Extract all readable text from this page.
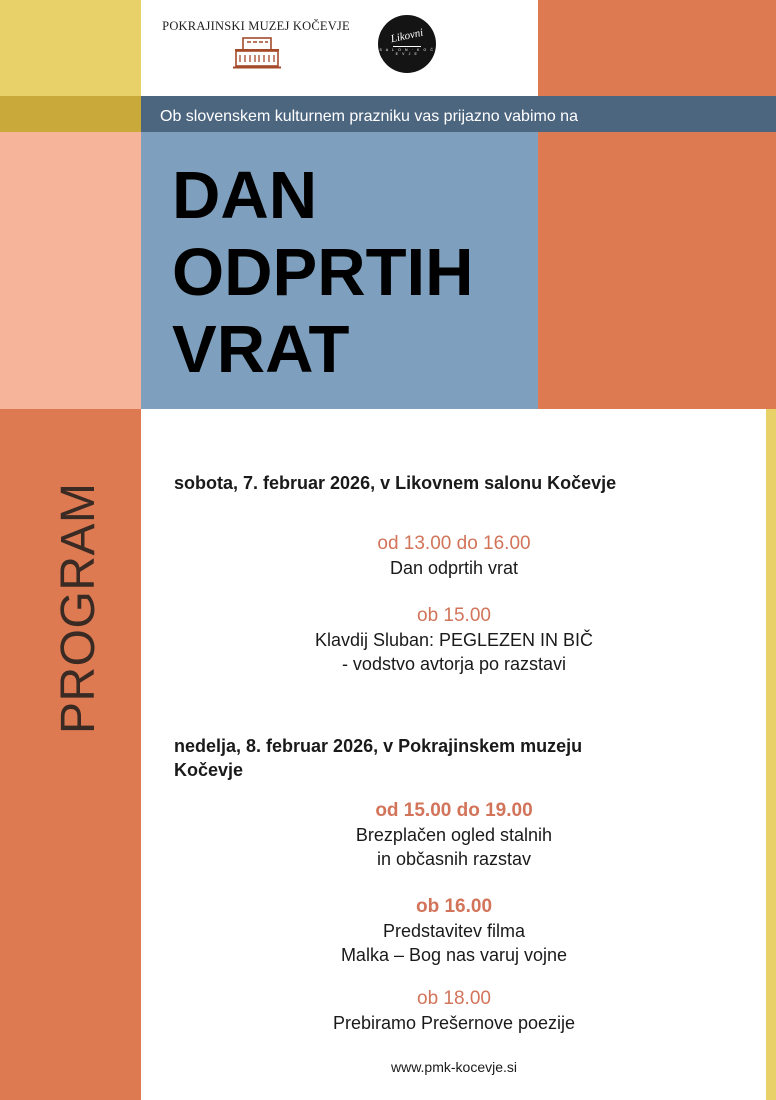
POKRAJINSKI MUZEJ KOČEVJE
Likovni
S A L O N · K O Č E V J E
Ob slovenskem kulturnem prazniku vas prijazno vabimo na
DAN
ODPRTIH
VRAT
PROGRAM	sobota, 7. februar 2026, v Likovnem salonu Kočevje
od 13.00 do 16.00
Dan odprtih vrat
ob 15.00
Klavdij Sluban: PEGLEZEN IN BIČ
- vodstvo avtorja po razstavi
nedelja, 8. februar 2026, v Pokrajinskem muzeju
Kočevje
od 15.00 do 19.00
Brezplačen ogled stalnih
in občasnih razstav
ob 16.00
Predstavitev filma
Malka – Bog nas varuj vojne
ob 18.00
Prebiramo Prešernove poezije
www.pmk-kocevje.si
